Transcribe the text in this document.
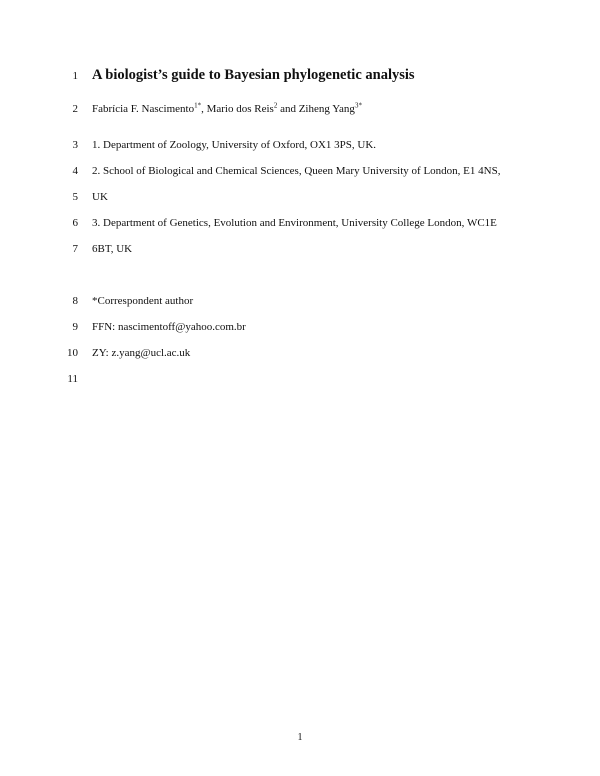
1 A biologist’s guide to Bayesian phylogenetic analysis
2 Fabrícia F. Nascimento$^{1*}$, Mario dos Reis$^2$ and Ziheng Yang$^{3*}$
3 1. Department of Zoology, University of Oxford, OX1 3PS, UK.
4 2. School of Biological and Chemical Sciences, Queen Mary University of London, E1 4NS,
5 UK
6 3. Department of Genetics, Evolution and Environment, University College London, WC1E
7 6BT, UK
8 *Correspondent author
9 FFN: nascimentoff@yahoo.com.br
10 ZY: z.yang@ucl.ac.uk
11
1
